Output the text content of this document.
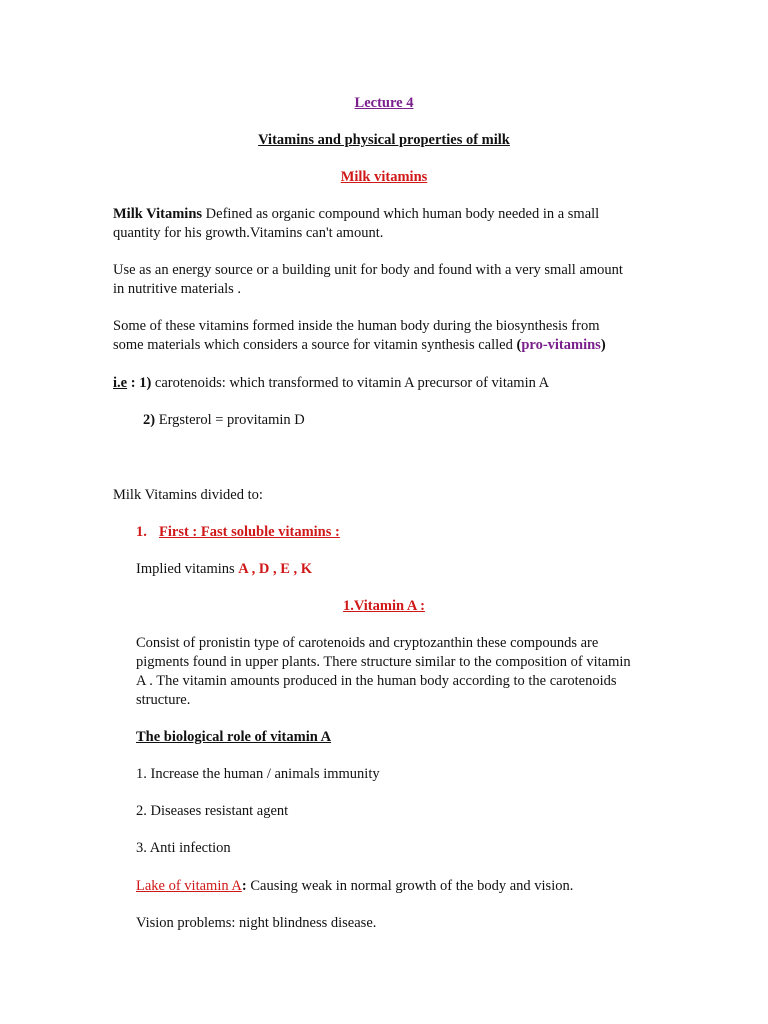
Lecture 4
Vitamins and physical properties of milk
Milk vitamins
Milk Vitamins Defined as organic compound which human body needed in a small
quantity for his growth.Vitamins can't amount.
Use as an energy source or a building unit for body and found with a very small amount
in nutritive materials .
Some of these vitamins formed inside the human body during the biosynthesis from
some materials which considers a source for vitamin synthesis called (pro-vitamins)
i.e : 1) carotenoids: which transformed to vitamin A precursor of vitamin A
2) Ergsterol = provitamin D
Milk Vitamins divided to:
1. First : Fast soluble vitamins :
Implied vitamins A , D , E , K
1.Vitamin A :
Consist of pronistin type of carotenoids and cryptozanthin these compounds are
pigments found in upper plants. There structure similar to the composition of vitamin
A . The vitamin amounts produced in the human body according to the carotenoids
structure.
The biological role of vitamin A
1. Increase the human / animals immunity
2. Diseases resistant agent
3. Anti infection
Lake of vitamin A: Causing weak in normal growth of the body and vision.
Vision problems: night blindness disease.
